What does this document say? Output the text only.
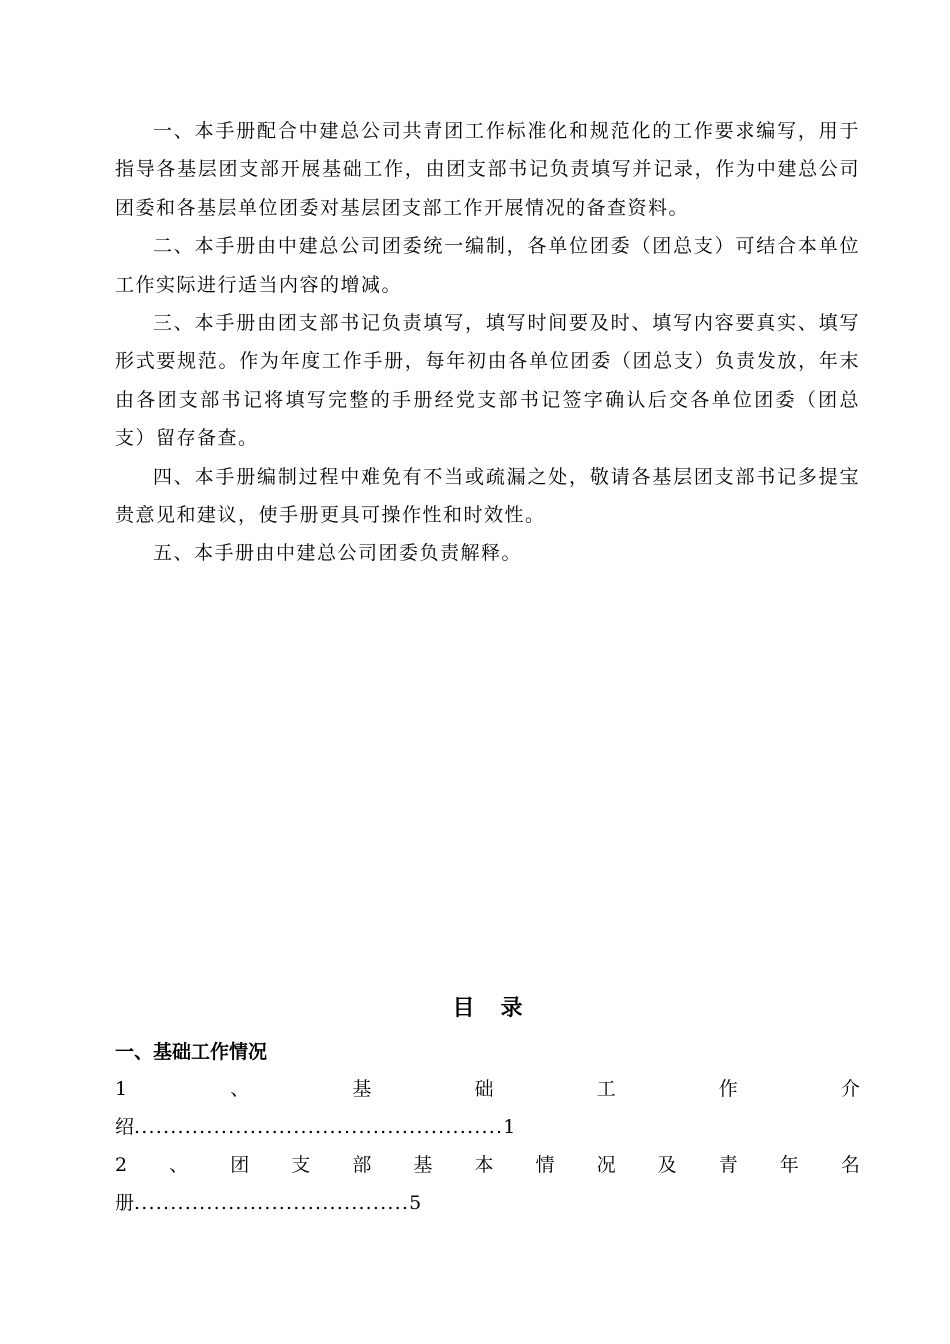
一、本手册配合中建总公司共青团工作标准化和规范化的工作要求编写，用于指导各基层团支部开展基础工作，由团支部书记负责填写并记录，作为中建总公司团委和各基层单位团委对基层团支部工作开展情况的备查资料。

二、本手册由中建总公司团委统一编制，各单位团委（团总支）可结合本单位工作实际进行适当内容的增减。

三、本手册由团支部书记负责填写，填写时间要及时、填写内容要真实、填写形式要规范。作为年度工作手册，每年初由各单位团委（团总支）负责发放，年末由各团支部书记将填写完整的手册经党支部书记签字确认后交各单位团委（团总支）留存备查。

四、本手册编制过程中难免有不当或疏漏之处，敬请各基层团支部书记多提宝贵意见和建议，使手册更具可操作性和时效性。

五、本手册由中建总公司团委负责解释。

目 录
一、基础工作情况
1	、	基	础	工	作	介
绍...................................................1
2 、 团 支 部 基 本 情 况 及 青 年 名
册......................................5
